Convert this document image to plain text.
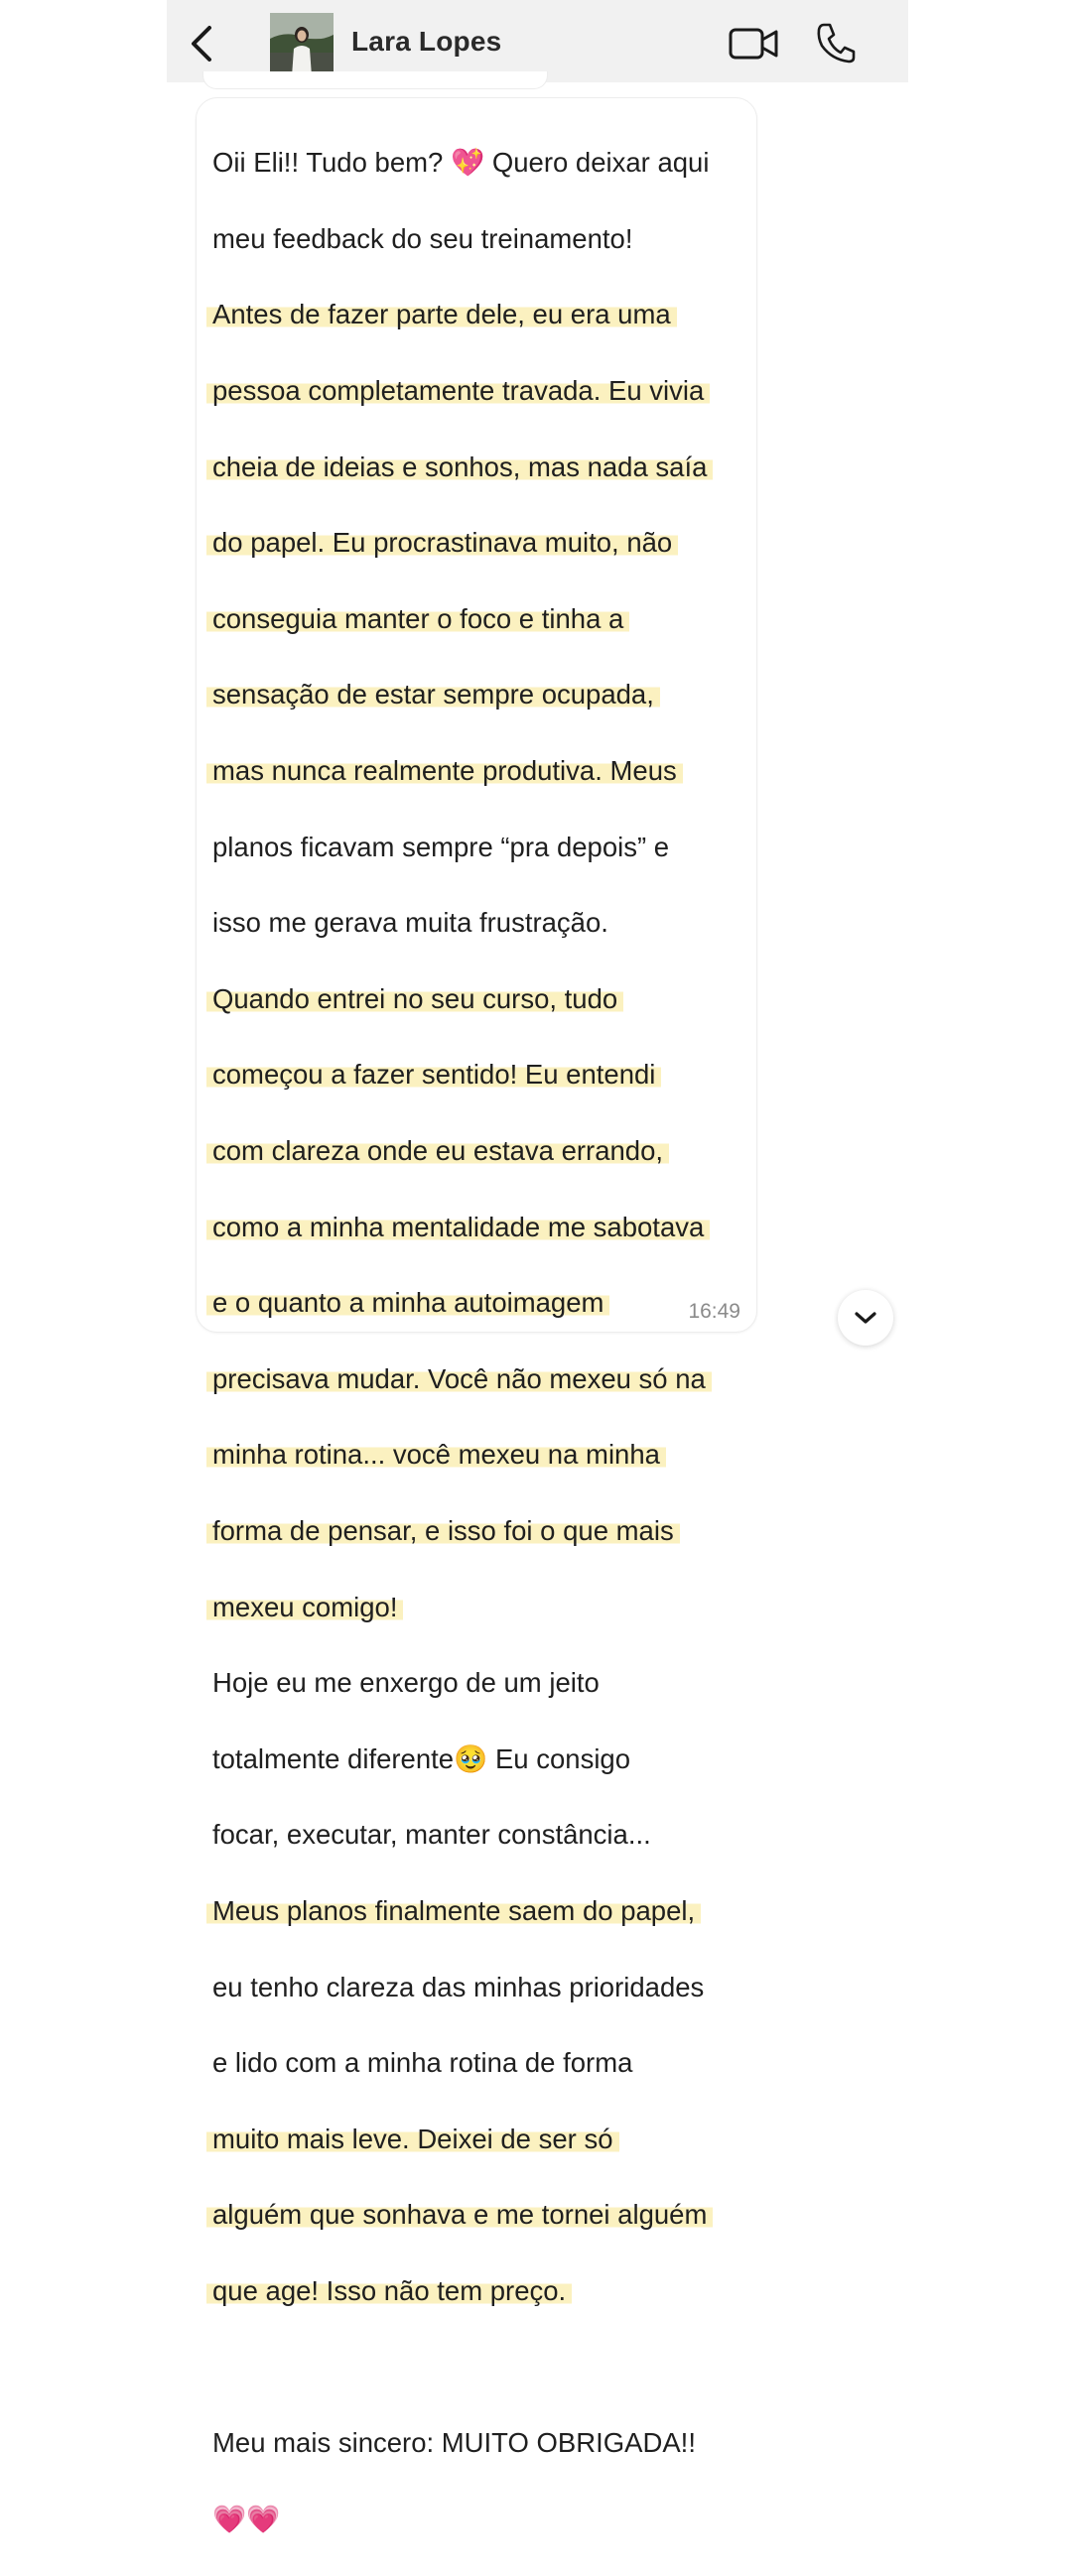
Lara Lopes

Oii Eli!! Tudo bem? 💖 Quero deixar aqui

meu feedback do seu treinamento!

Antes de fazer parte dele, eu era uma

pessoa completamente travada. Eu vivia

cheia de ideias e sonhos, mas nada saía

do papel. Eu procrastinava muito, não

conseguia manter o foco e tinha a

sensação de estar sempre ocupada,

mas nunca realmente produtiva. Meus

planos ficavam sempre “pra depois” e

isso me gerava muita frustração.

Quando entrei no seu curso, tudo

começou a fazer sentido! Eu entendi

com clareza onde eu estava errando,

como a minha mentalidade me sabotava

e o quanto a minha autoimagem

precisava mudar. Você não mexeu só na

minha rotina... você mexeu na minha

forma de pensar, e isso foi o que mais

mexeu comigo!

Hoje eu me enxergo de um jeito

totalmente diferente🥹 Eu consigo

focar, executar, manter constância...

Meus planos finalmente saem do papel,

eu tenho clareza das minhas prioridades

e lido com a minha rotina de forma

muito mais leve. Deixei de ser só

alguém que sonhava e me tornei alguém

que age! Isso não tem preço.

Meu mais sincero: MUITO OBRIGADA!!

💗💗

16:49
